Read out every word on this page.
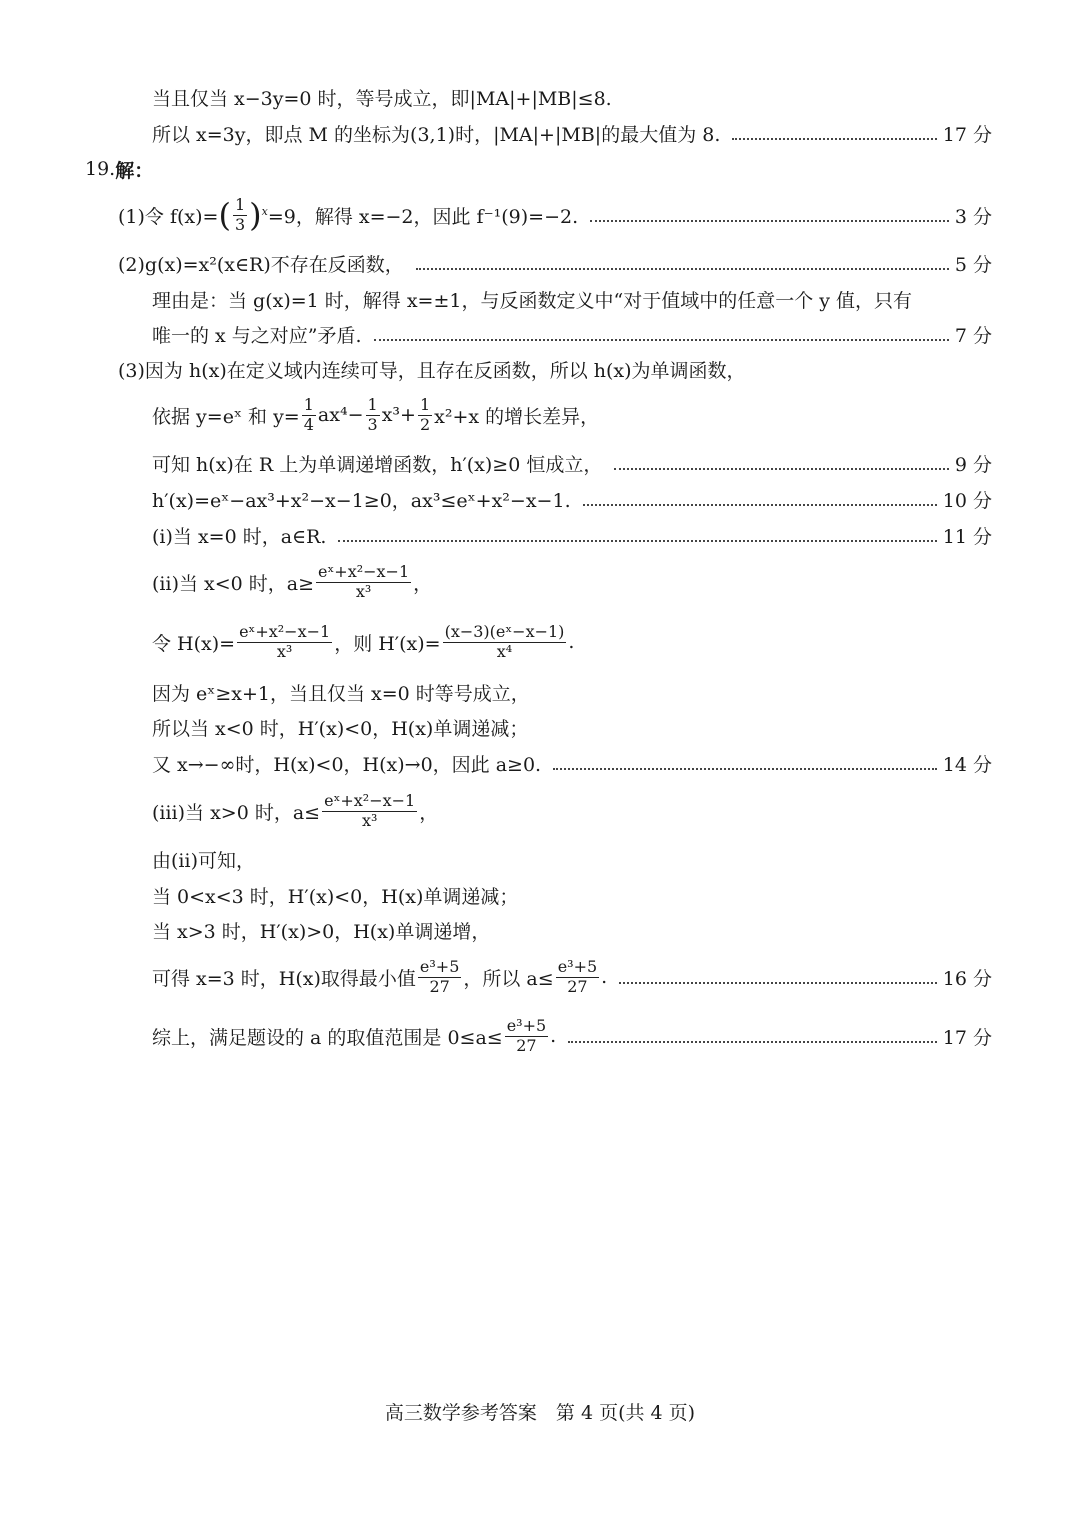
当且仅当 x−3y=0 时，等号成立，即|MA|+|MB|≤8.
所以 x=3y，即点 M 的坐标为(3,1)时，|MA|+|MB|的最大值为 8.	17 分
19. 解：
(1)令 f(x)= ( $\frac{1}{3} )^x =9$，解得 x=−2，因此 f⁻¹(9)=−2.	3 分
(2)g(x)=x²(x∈R)不存在反函数，	5 分
理由是：当 g(x)=1 时，解得 x=±1，与反函数定义中“对于值域中的任意一个 y 值，只有
唯一的 x 与之对应”矛盾.	7 分
(3)因为 h(x)在定义域内连续可导，且存在反函数，所以 h(x)为单调函数，
依据 y=eˣ 和 $y= \frac{1}{4} ax^4- \frac{1}{3} x^3+ \frac{1}{2} x^2+x$ 的增长差异，
可知 h(x)在 R 上为单调递增函数，h′(x)≥0 恒成立，	9 分
h′(x)=eˣ−ax³+x²−x−1≥0，ax³≤eˣ+x²−x−1.	10 分
(ⅰ)当 x=0 时，a∈R.	11 分
(ⅱ)当 x<0 时，$a\ge \frac{\text{eˣ+x²−x−1}}{\text{x³}}$ ，
令 $H(x)= \frac{\text{eˣ+x²−x−1}}{\text{x³}}$ ，则 $H'(x)= \frac{\text{(x−3)(eˣ−x−1)}}{\text{x⁴}}$ .
因为 eˣ≥x+1，当且仅当 x=0 时等号成立，
所以当 x<0 时，H′(x)<0，H(x)单调递减；
又 x→−∞时，H(x)<0，H(x)→0，因此 a≥0.	14 分
(ⅲ)当 x>0 时，$a\le \frac{\text{eˣ+x²−x−1}}{\text{x³}}$ ，
由(ⅱ)可知，
当 0<x<3 时，H′(x)<0，H(x)单调递减；
当 x>3 时，H′(x)>0，H(x)单调递增，
可得 x=3 时，H(x)取得最小值 $\frac{\text{e³+5}}{27}$ ，所以 $a\le \frac{\text{e³+5}}{27}$ .	16 分
综上，满足题设的 a 的取值范围是 $0\le a\le \frac{\text{e³+5}}{27}$ .	17 分
高三数学参考答案　第 4 页(共 4 页)
